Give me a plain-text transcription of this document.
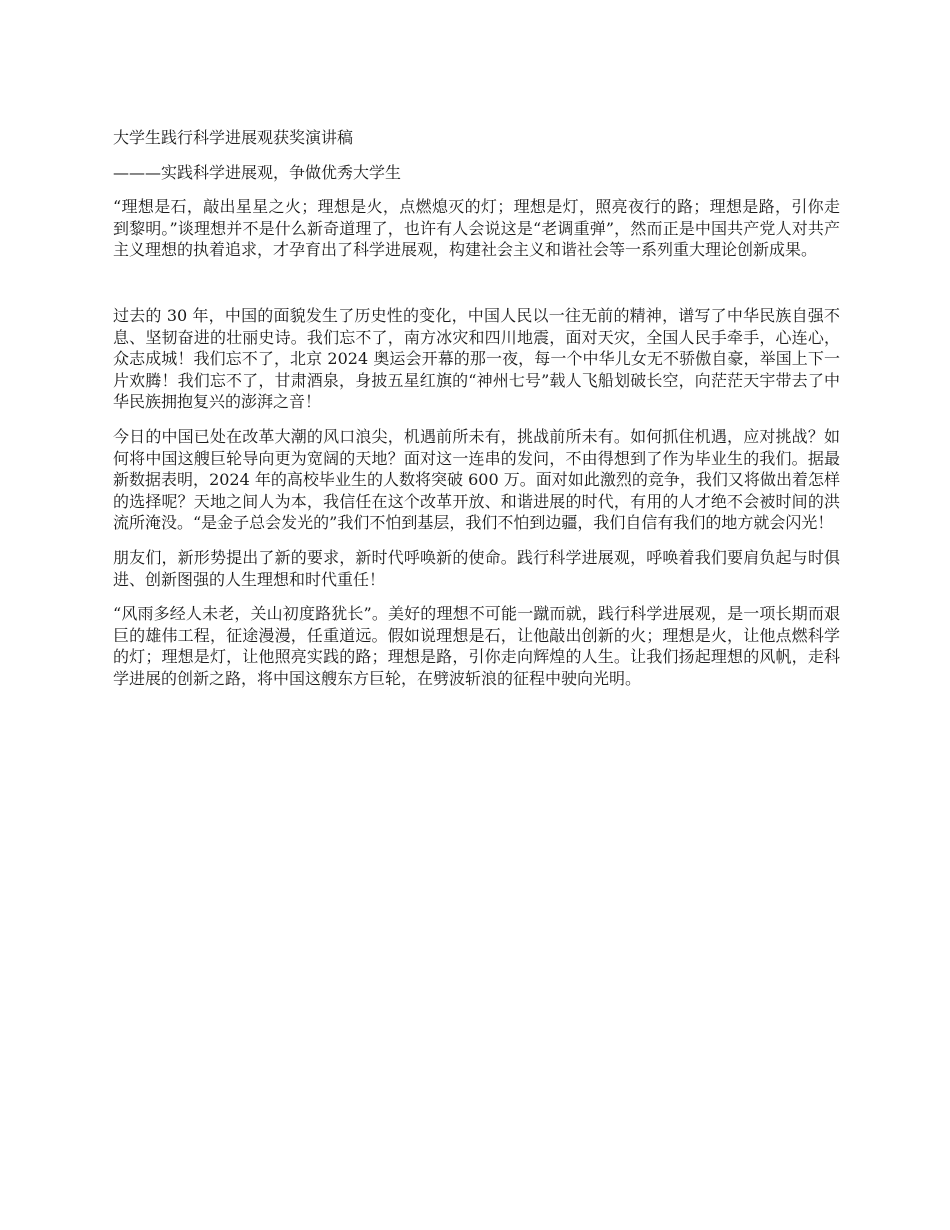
大学生践行科学进展观获奖演讲稿

———实践科学进展观，争做优秀大学生

“理想是石，敲出星星之火；理想是火，点燃熄灭的灯；理想是灯，照亮夜行的路；理想是路，引你走到黎明。”谈理想并不是什么新奇道理了，也许有人会说这是“老调重弹”，然而正是中国共产党人对共产主义理想的执着追求，才孕育出了科学进展观，构建社会主义和谐社会等一系列重大理论创新成果。

过去的 30 年，中国的面貌发生了历史性的变化，中国人民以一往无前的精神，谱写了中华民族自强不息、坚韧奋进的壮丽史诗。我们忘不了，南方冰灾和四川地震，面对天灾，全国人民手牵手，心连心，众志成城！我们忘不了，北京 2024 奥运会开幕的那一夜，每一个中华儿女无不骄傲自豪，举国上下一片欢腾！我们忘不了，甘肃酒泉，身披五星红旗的“神州七号”载人飞船划破长空，向茫茫天宇带去了中华民族拥抱复兴的澎湃之音！

今日的中国已处在改革大潮的风口浪尖，机遇前所未有，挑战前所未有。如何抓住机遇，应对挑战？如何将中国这艘巨轮导向更为宽阔的天地？面对这一连串的发问，不由得想到了作为毕业生的我们。据最新数据表明，2024 年的高校毕业生的人数将突破 600 万。面对如此激烈的竞争，我们又将做出着怎样的选择呢？天地之间人为本，我信任在这个改革开放、和谐进展的时代，有用的人才绝不会被时间的洪流所淹没。“是金子总会发光的”我们不怕到基层，我们不怕到边疆，我们自信有我们的地方就会闪光！

朋友们，新形势提出了新的要求，新时代呼唤新的使命。践行科学进展观，呼唤着我们要肩负起与时俱进、创新图强的人生理想和时代重任！

“风雨多经人未老，关山初度路犹长”。美好的理想不可能一蹴而就，践行科学进展观，是一项长期而艰巨的雄伟工程，征途漫漫，任重道远。假如说理想是石，让他敲出创新的火；理想是火，让他点燃科学的灯；理想是灯，让他照亮实践的路；理想是路，引你走向辉煌的人生。让我们扬起理想的风帆，走科学进展的创新之路，将中国这艘东方巨轮，在劈波斩浪的征程中驶向光明。
